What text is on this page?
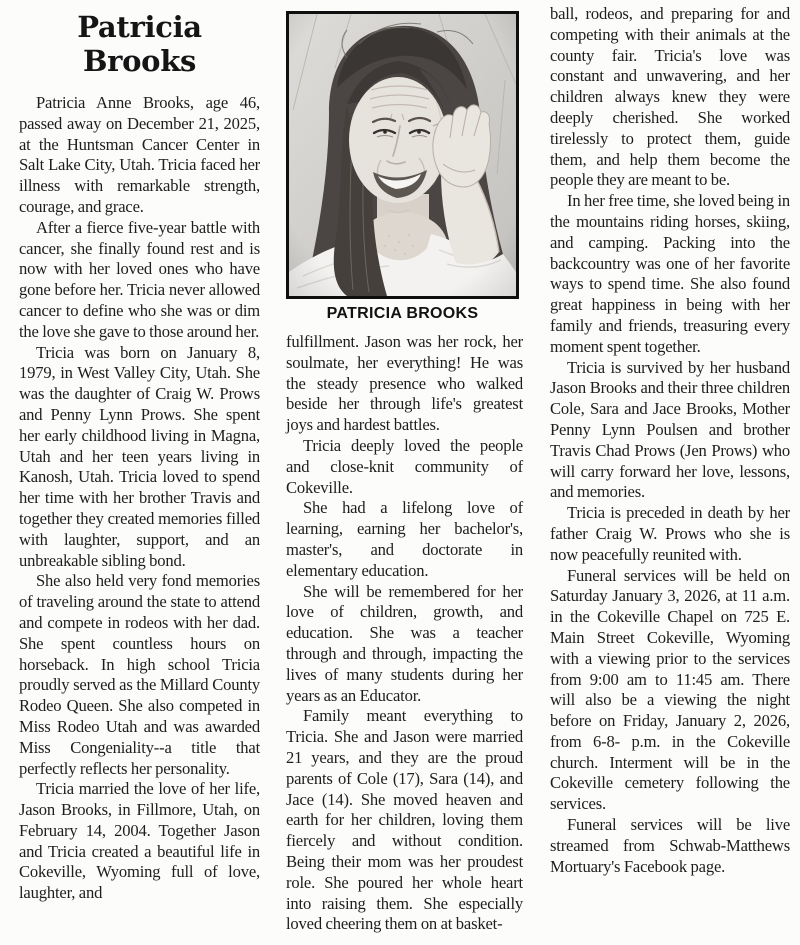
Patricia Brooks

Patricia Anne Brooks, age 46, passed away on December 21, 2025, at the Huntsman Cancer Center in Salt Lake City, Utah. Tricia faced her illness with remarkable strength, courage, and grace.

After a fierce five-year battle with cancer, she finally found rest and is now with her loved ones who have gone before her. Tricia never allowed cancer to define who she was or dim the love she gave to those around her.

Tricia was born on January 8, 1979, in West Valley City, Utah. She was the daughter of Craig W. Prows and Penny Lynn Prows. She spent her early childhood living in Magna, Utah and her teen years living in Kanosh, Utah. Tricia loved to spend her time with her brother Travis and together they created memories filled with laughter, support, and an unbreakable sibling bond.

She also held very fond memories of traveling around the state to attend and compete in rodeos with her dad. She spent countless hours on horseback. In high school Tricia proudly served as the Millard County Rodeo Queen. She also competed in Miss Rodeo Utah and was awarded Miss Congeniality--a title that perfectly reflects her personality.

Tricia married the love of her life, Jason Brooks, in Fillmore, Utah, on February 14, 2004. Together Jason and Tricia created a beautiful life in Cokeville, Wyoming full of love, laughter, and

PATRICIA BROOKS

fulfillment. Jason was her rock, her soulmate, her everything! He was the steady presence who walked beside her through life's greatest joys and hardest battles.

Tricia deeply loved the people and close-knit community of Cokeville.

She had a lifelong love of learning, earning her bachelor's, master's, and doctorate in elementary education.

She will be remembered for her love of children, growth, and education. She was a teacher through and through, impacting the lives of many students during her years as an Educator.

Family meant everything to Tricia. She and Jason were married 21 years, and they are the proud parents of Cole (17), Sara (14), and Jace (14). She moved heaven and earth for her children, loving them fiercely and without condition. Being their mom was her proudest role. She poured her whole heart into raising them. She especially loved cheering them on at basket-

ball, rodeos, and preparing for and competing with their animals at the county fair. Tricia's love was constant and unwavering, and her children always knew they were deeply cherished. She worked tirelessly to protect them, guide them, and help them become the people they are meant to be.

In her free time, she loved being in the mountains riding horses, skiing, and camping. Packing into the backcountry was one of her favorite ways to spend time. She also found great happiness in being with her family and friends, treasuring every moment spent together.

Tricia is survived by her husband Jason Brooks and their three children Cole, Sara and Jace Brooks, Mother Penny Lynn Poulsen and brother Travis Chad Prows (Jen Prows) who will carry forward her love, lessons, and memories.

Tricia is preceded in death by her father Craig W. Prows who she is now peacefully reunited with.

Funeral services will be held on Saturday January 3, 2026, at 11 a.m. in the Cokeville Chapel on 725 E. Main Street Cokeville, Wyoming with a viewing prior to the services from 9:00 am to 11:45 am. There will also be a viewing the night before on Friday, January 2, 2026, from 6-8- p.m. in the Cokeville church. Interment will be in the Cokeville cemetery following the services.

Funeral services will be live streamed from Schwab-Matthews Mortuary's Facebook page.
